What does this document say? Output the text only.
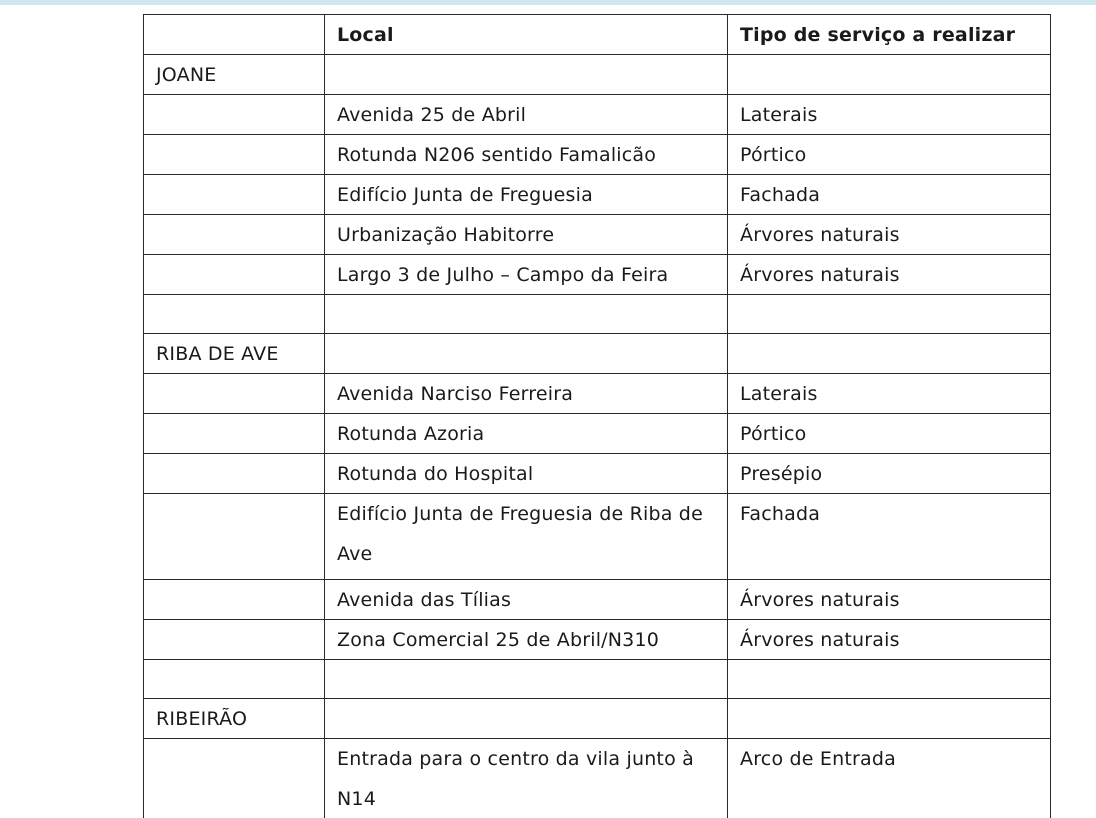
	Local	Tipo de serviço a realizar
JOANE		
	Avenida 25 de Abril	Laterais
	Rotunda N206 sentido Famalicão	Pórtico
	Edifício Junta de Freguesia	Fachada
	Urbanização Habitorre	Árvores naturais
	Largo 3 de Julho – Campo da Feira	Árvores naturais

RIBA DE AVE		
	Avenida Narciso Ferreira	Laterais
	Rotunda Azoria	Pórtico
	Rotunda do Hospital	Presépio
	Edifício Junta de Freguesia de Riba de Ave	Fachada
	Avenida das Tílias	Árvores naturais
	Zona Comercial 25 de Abril/N310	Árvores naturais

RIBEIRÃO		
	Entrada para o centro da vila junto à N14	Arco de Entrada
